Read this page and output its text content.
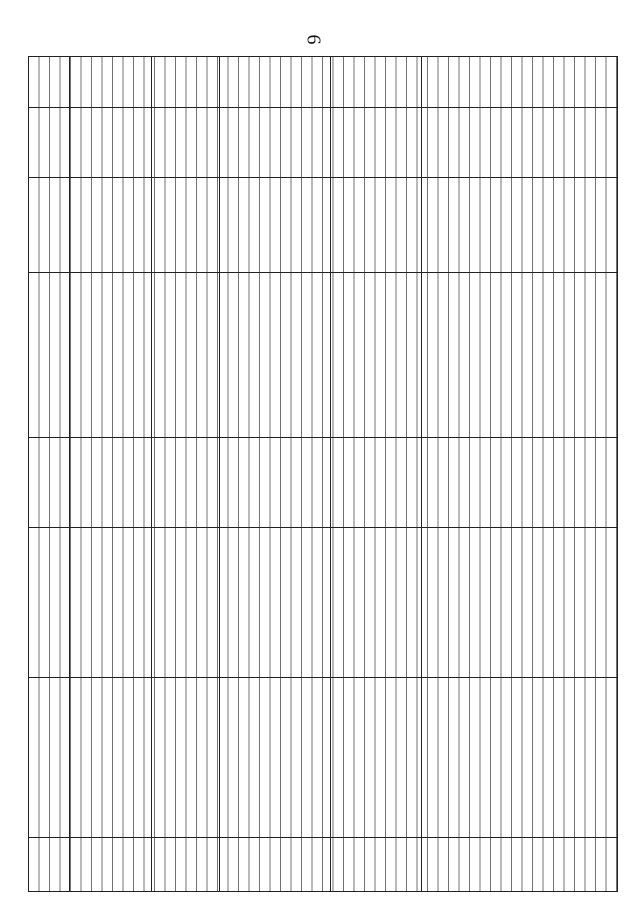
6
